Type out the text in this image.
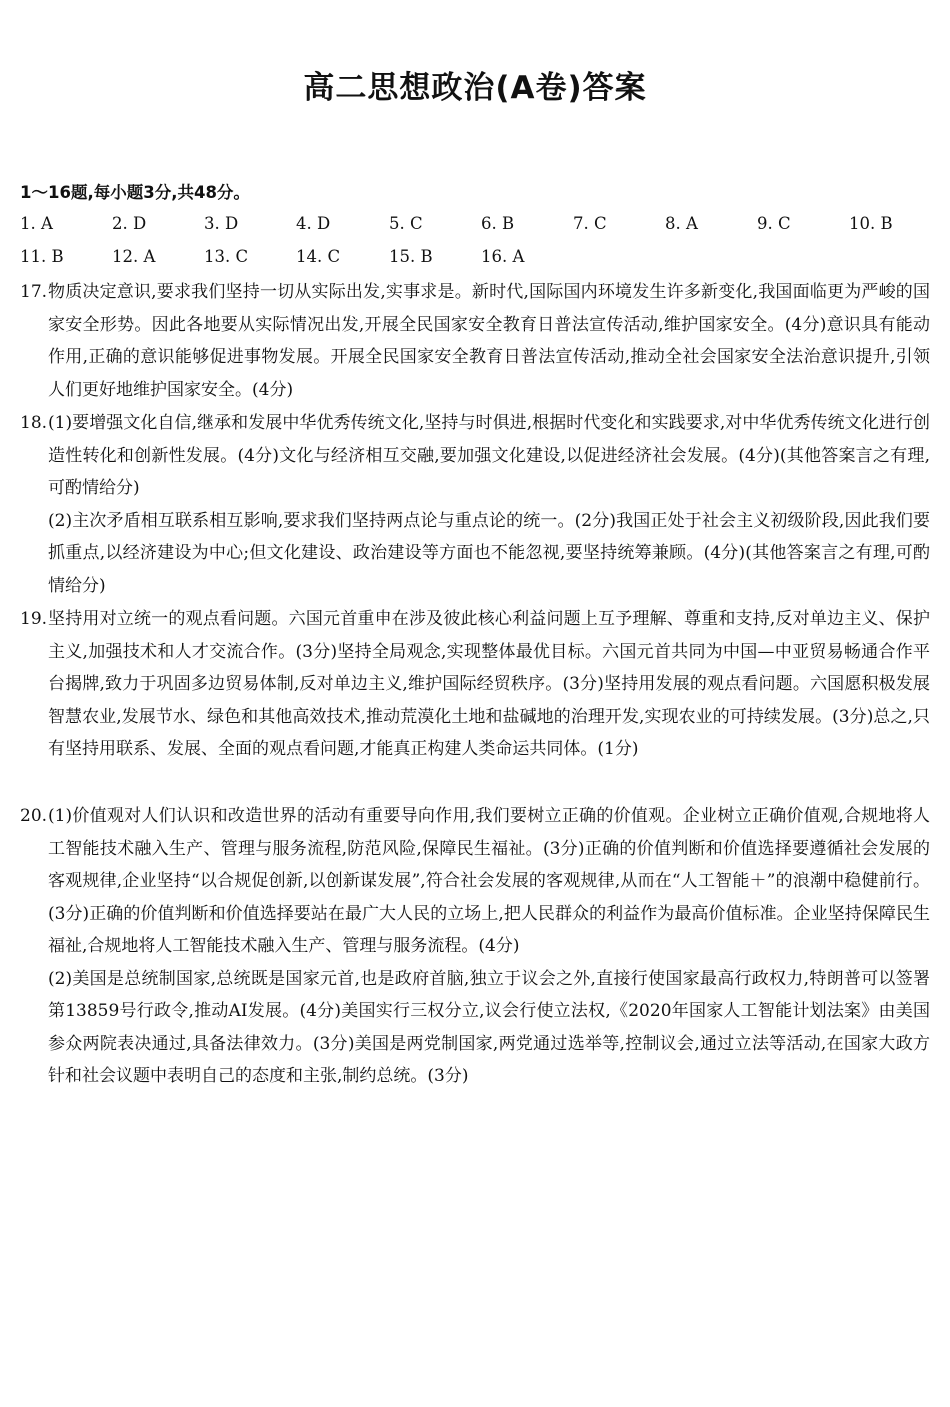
高二思想政治(A卷)答案
1～16题,每小题3分,共48分。
1. A	2. D	3. D	4. D	5. C	6. B	7. C	8. A	9. C	10. B
11. B	12. A	13. C	14. C	15. B	16. A
17. 物质决定意识,要求我们坚持一切从实际出发,实事求是。新时代,国际国内环境发生许多新变化,我国面临更为严峻的国家安全形势。因此各地要从实际情况出发,开展全民国家安全教育日普法宣传活动,维护国家安全。(4分)意识具有能动作用,正确的意识能够促进事物发展。开展全民国家安全教育日普法宣传活动,推动全社会国家安全法治意识提升,引领人们更好地维护国家安全。(4分)

18. (1)要增强文化自信,继承和发展中华优秀传统文化,坚持与时俱进,根据时代变化和实践要求,对中华优秀传统文化进行创造性转化和创新性发展。(4分)文化与经济相互交融,要加强文化建设,以促进经济社会发展。(4分)(其他答案言之有理,可酌情给分)

(2)主次矛盾相互联系相互影响,要求我们坚持两点论与重点论的统一。(2分)我国正处于社会主义初级阶段,因此我们要抓重点,以经济建设为中心;但文化建设、政治建设等方面也不能忽视,要坚持统筹兼顾。(4分)(其他答案言之有理,可酌情给分)

19. 坚持用对立统一的观点看问题。六国元首重申在涉及彼此核心利益问题上互予理解、尊重和支持,反对单边主义、保护主义,加强技术和人才交流合作。(3分)坚持全局观念,实现整体最优目标。六国元首共同为中国—中亚贸易畅通合作平台揭牌,致力于巩固多边贸易体制,反对单边主义,维护国际经贸秩序。(3分)坚持用发展的观点看问题。六国愿积极发展智慧农业,发展节水、绿色和其他高效技术,推动荒漠化土地和盐碱地的治理开发,实现农业的可持续发展。(3分)总之,只有坚持用联系、发展、全面的观点看问题,才能真正构建人类命运共同体。(1分)

20. (1)价值观对人们认识和改造世界的活动有重要导向作用,我们要树立正确的价值观。企业树立正确价值观,合规地将人工智能技术融入生产、管理与服务流程,防范风险,保障民生福祉。(3分)正确的价值判断和价值选择要遵循社会发展的客观规律,企业坚持“以合规促创新,以创新谋发展”,符合社会发展的客观规律,从而在“人工智能＋”的浪潮中稳健前行。(3分)正确的价值判断和价值选择要站在最广大人民的立场上,把人民群众的利益作为最高价值标准。企业坚持保障民生福祉,合规地将人工智能技术融入生产、管理与服务流程。(4分)

(2)美国是总统制国家,总统既是国家元首,也是政府首脑,独立于议会之外,直接行使国家最高行政权力,特朗普可以签署第13859号行政令,推动AI发展。(4分)美国实行三权分立,议会行使立法权,《2020年国家人工智能计划法案》由美国参众两院表决通过,具备法律效力。(3分)美国是两党制国家,两党通过选举等,控制议会,通过立法等活动,在国家大政方针和社会议题中表明自己的态度和主张,制约总统。(3分)
